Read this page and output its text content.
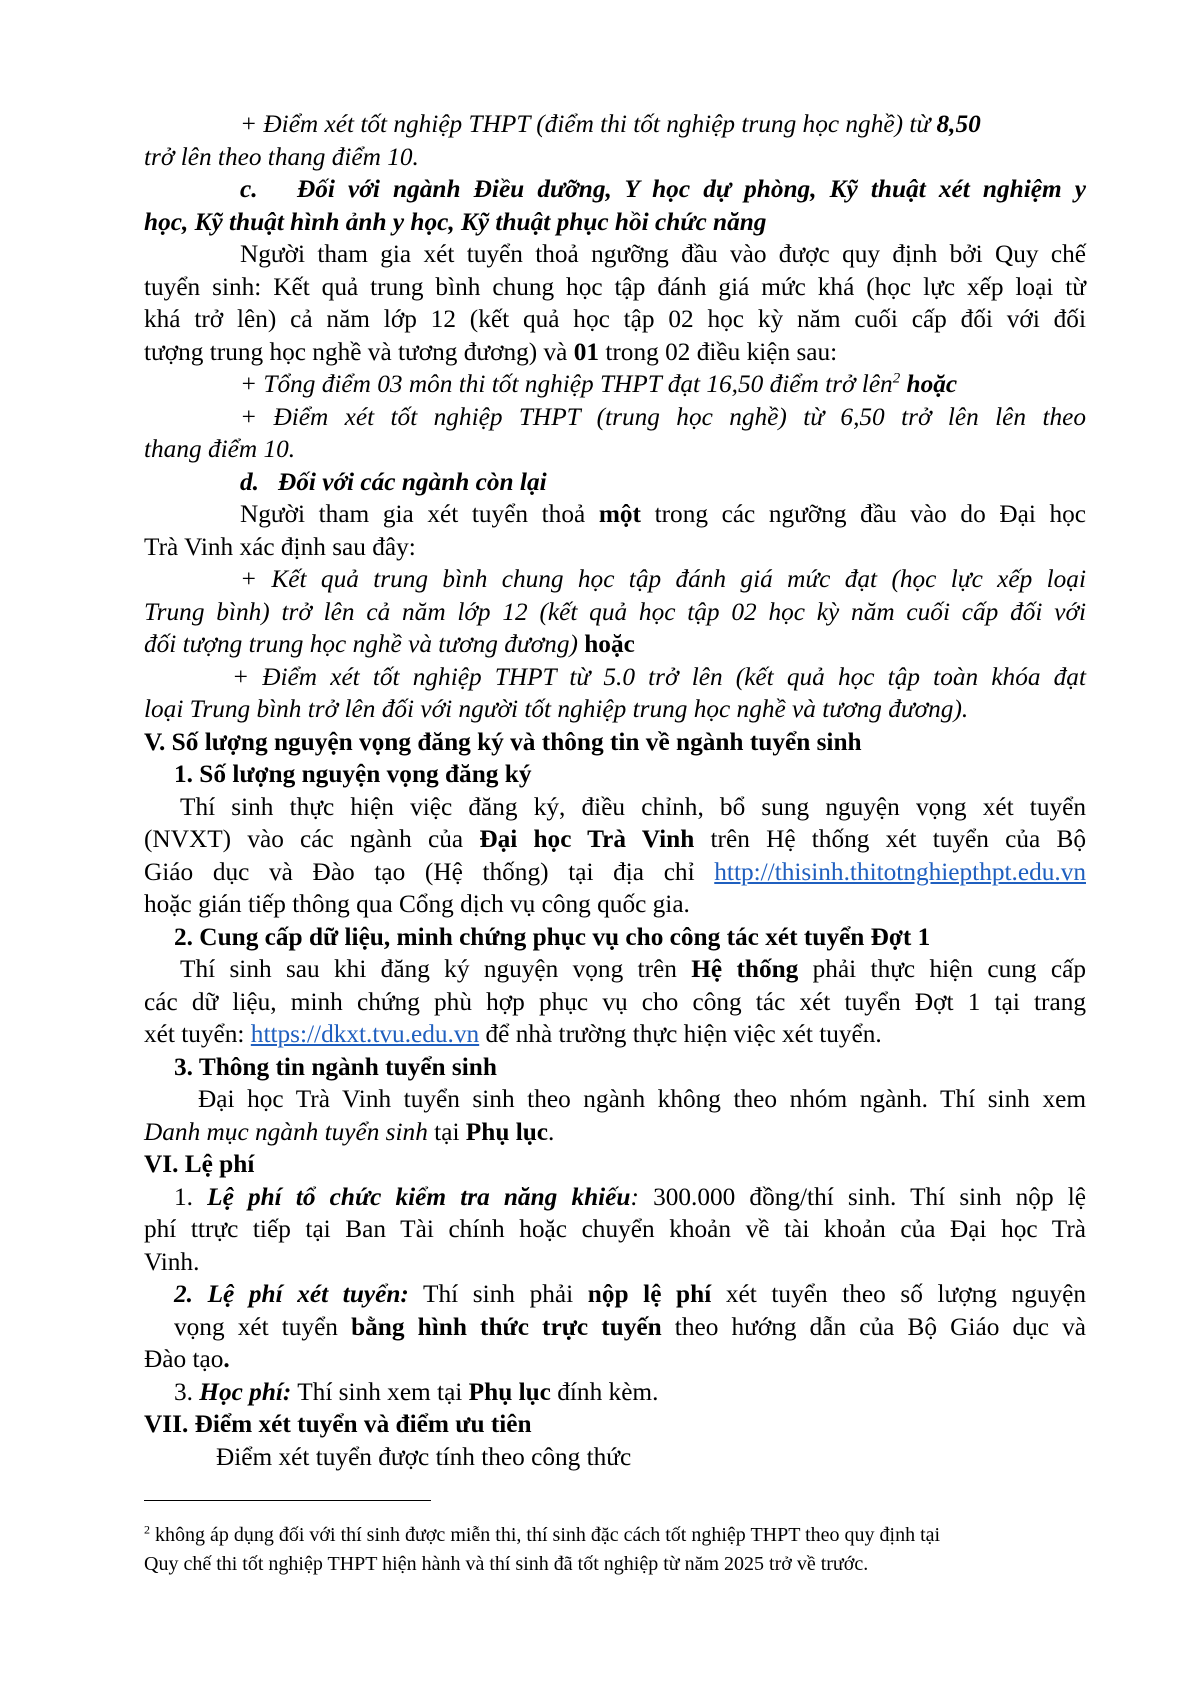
+ Điểm xét tốt nghiệp THPT (điểm thi tốt nghiệp trung học nghề) từ 8,50

trở lên theo thang điểm 10.

c. Đối với ngành Điều dưỡng, Y học dự phòng, Kỹ thuật xét nghiệm y

học, Kỹ thuật hình ảnh y học, Kỹ thuật phục hồi chức năng

Người tham gia xét tuyển thoả ngưỡng đầu vào được quy định bởi Quy chế

tuyển sinh: Kết quả trung bình chung học tập đánh giá mức khá (học lực xếp loại từ

khá trở lên) cả năm lớp 12 (kết quả học tập 02 học kỳ năm cuối cấp đối với đối

tượng trung học nghề và tương đương) và 01 trong 02 điều kiện sau:

+ Tổng điểm 03 môn thi tốt nghiệp THPT đạt 16,50 điểm trở lên$^2$ hoặc

+ Điểm xét tốt nghiệp THPT (trung học nghề) từ 6,50 trở lên lên theo

thang điểm 10.

d. Đối với các ngành còn lại

Người tham gia xét tuyển thoả một trong các ngưỡng đầu vào do Đại học

Trà Vinh xác định sau đây:

+ Kết quả trung bình chung học tập đánh giá mức đạt (học lực xếp loại

Trung bình) trở lên cả năm lớp 12 (kết quả học tập 02 học kỳ năm cuối cấp đối với

đối tượng trung học nghề và tương đương) hoặc

+ Điểm xét tốt nghiệp THPT từ 5.0 trở lên (kết quả học tập toàn khóa đạt

loại Trung bình trở lên đối với người tốt nghiệp trung học nghề và tương đương).

V. Số lượng nguyện vọng đăng ký và thông tin về ngành tuyển sinh

1. Số lượng nguyện vọng đăng ký

Thí sinh thực hiện việc đăng ký, điều chỉnh, bổ sung nguyện vọng xét tuyển

(NVXT) vào các ngành của Đại học Trà Vinh trên Hệ thống xét tuyển của Bộ

Giáo dục và Đào tạo (Hệ thống) tại địa chỉ http://thisinh.thitotnghiepthpt.edu.vn

hoặc gián tiếp thông qua Cổng dịch vụ công quốc gia.

2. Cung cấp dữ liệu, minh chứng phục vụ cho công tác xét tuyển Đợt 1

Thí sinh sau khi đăng ký nguyện vọng trên Hệ thống phải thực hiện cung cấp

các dữ liệu, minh chứng phù hợp phục vụ cho công tác xét tuyển Đợt 1 tại trang

xét tuyển: https://dkxt.tvu.edu.vn để nhà trường thực hiện việc xét tuyển.

3. Thông tin ngành tuyển sinh

Đại học Trà Vinh tuyển sinh theo ngành không theo nhóm ngành. Thí sinh xem

Danh mục ngành tuyển sinh tại Phụ lục.

VI. Lệ phí

1. Lệ phí tổ chức kiểm tra năng khiếu: 300.000 đồng/thí sinh. Thí sinh nộp lệ

phí ttrực tiếp tại Ban Tài chính hoặc chuyển khoản về tài khoản của Đại học Trà

Vinh.

2. Lệ phí xét tuyển: Thí sinh phải nộp lệ phí xét tuyển theo số lượng nguyện

vọng xét tuyển bằng hình thức trực tuyến theo hướng dẫn của Bộ Giáo dục và

Đào tạo.

3. Học phí: Thí sinh xem tại Phụ lục đính kèm.

VII. Điểm xét tuyển và điểm ưu tiên

Điểm xét tuyển được tính theo công thức

$^2$ không áp dụng đối với thí sinh được miễn thi, thí sinh đặc cách tốt nghiệp THPT theo quy định tại

Quy chế thi tốt nghiệp THPT hiện hành và thí sinh đã tốt nghiệp từ năm 2025 trở về trước.
